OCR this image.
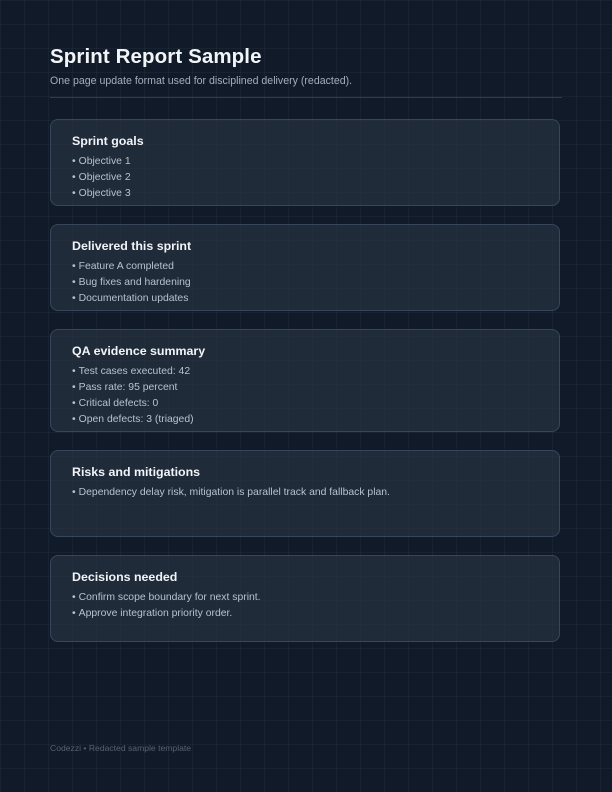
Sprint Report Sample

One page update format used for disciplined delivery (redacted).

Sprint goals
• Objective 1
• Objective 2
• Objective 3
Delivered this sprint
• Feature A completed
• Bug fixes and hardening
• Documentation updates
QA evidence summary
• Test cases executed: 42
• Pass rate: 95 percent
• Critical defects: 0
• Open defects: 3 (triaged)
Risks and mitigations
• Dependency delay risk, mitigation is parallel track and fallback plan.
Decisions needed
• Confirm scope boundary for next sprint.
• Approve integration priority order.

Codezzi • Redacted sample template
